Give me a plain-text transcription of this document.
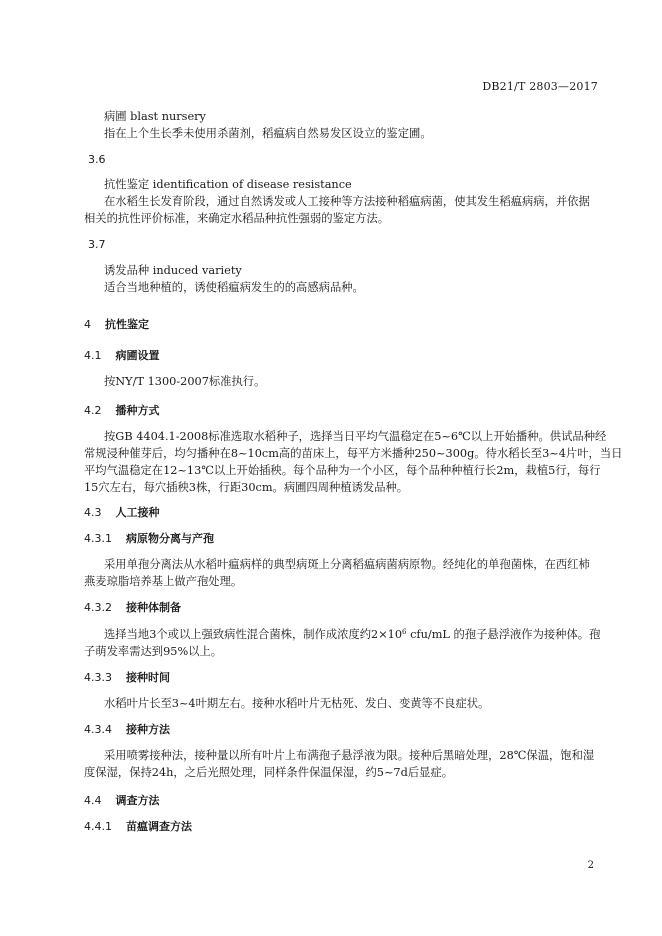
DB21/T 2803—2017
病圃 blast nursery
指在上个生长季未使用杀菌剂，稻瘟病自然易发区设立的鉴定圃。
3.6
抗性鉴定 identification of disease resistance
在水稻生长发育阶段，通过自然诱发或人工接种等方法接种稻瘟病菌，使其发生稻瘟病病，并依据
相关的抗性评价标准，来确定水稻品种抗性强弱的鉴定方法。
3.7
诱发品种 induced variety
适合当地种植的，诱使稻瘟病发生的的高感病品种。
4 抗性鉴定
4.1 病圃设置
按NY/T 1300-2007标准执行。
4.2 播种方式
按GB 4404.1-2008标准选取水稻种子，选择当日平均气温稳定在5~6℃以上开始播种。供试品种经
常规浸种催芽后，均匀播种在8~10cm高的苗床上，每平方米播种250~300g。待水稻长至3~4片叶，当日
平均气温稳定在12~13℃以上开始插秧。每个品种为一个小区，每个品种种植行长2m，栽植5行，每行
15穴左右，每穴插秧3株，行距30cm。病圃四周种植诱发品种。
4.3 人工接种
4.3.1 病原物分离与产孢
采用单孢分离法从水稻叶瘟病样的典型病斑上分离稻瘟病菌病原物。经纯化的单孢菌株，在西红柿
燕麦琼脂培养基上做产孢处理。
4.3.2 接种体制备
选择当地3个或以上强致病性混合菌株，制作成浓度约$2\times 10^6$ cfu/mL 的孢子悬浮液作为接种体。孢
子萌发率需达到95%以上。
4.3.3 接种时间
水稻叶片长至3~4叶期左右。接种水稻叶片无枯死、发白、变黄等不良症状。
4.3.4 接种方法
采用喷雾接种法，接种量以所有叶片上布满孢子悬浮液为限。接种后黑暗处理，28℃保温，饱和湿
度保湿，保持24h，之后光照处理，同样条件保温保湿，约5~7d后显症。
4.4 调查方法
4.4.1 苗瘟调查方法
2
